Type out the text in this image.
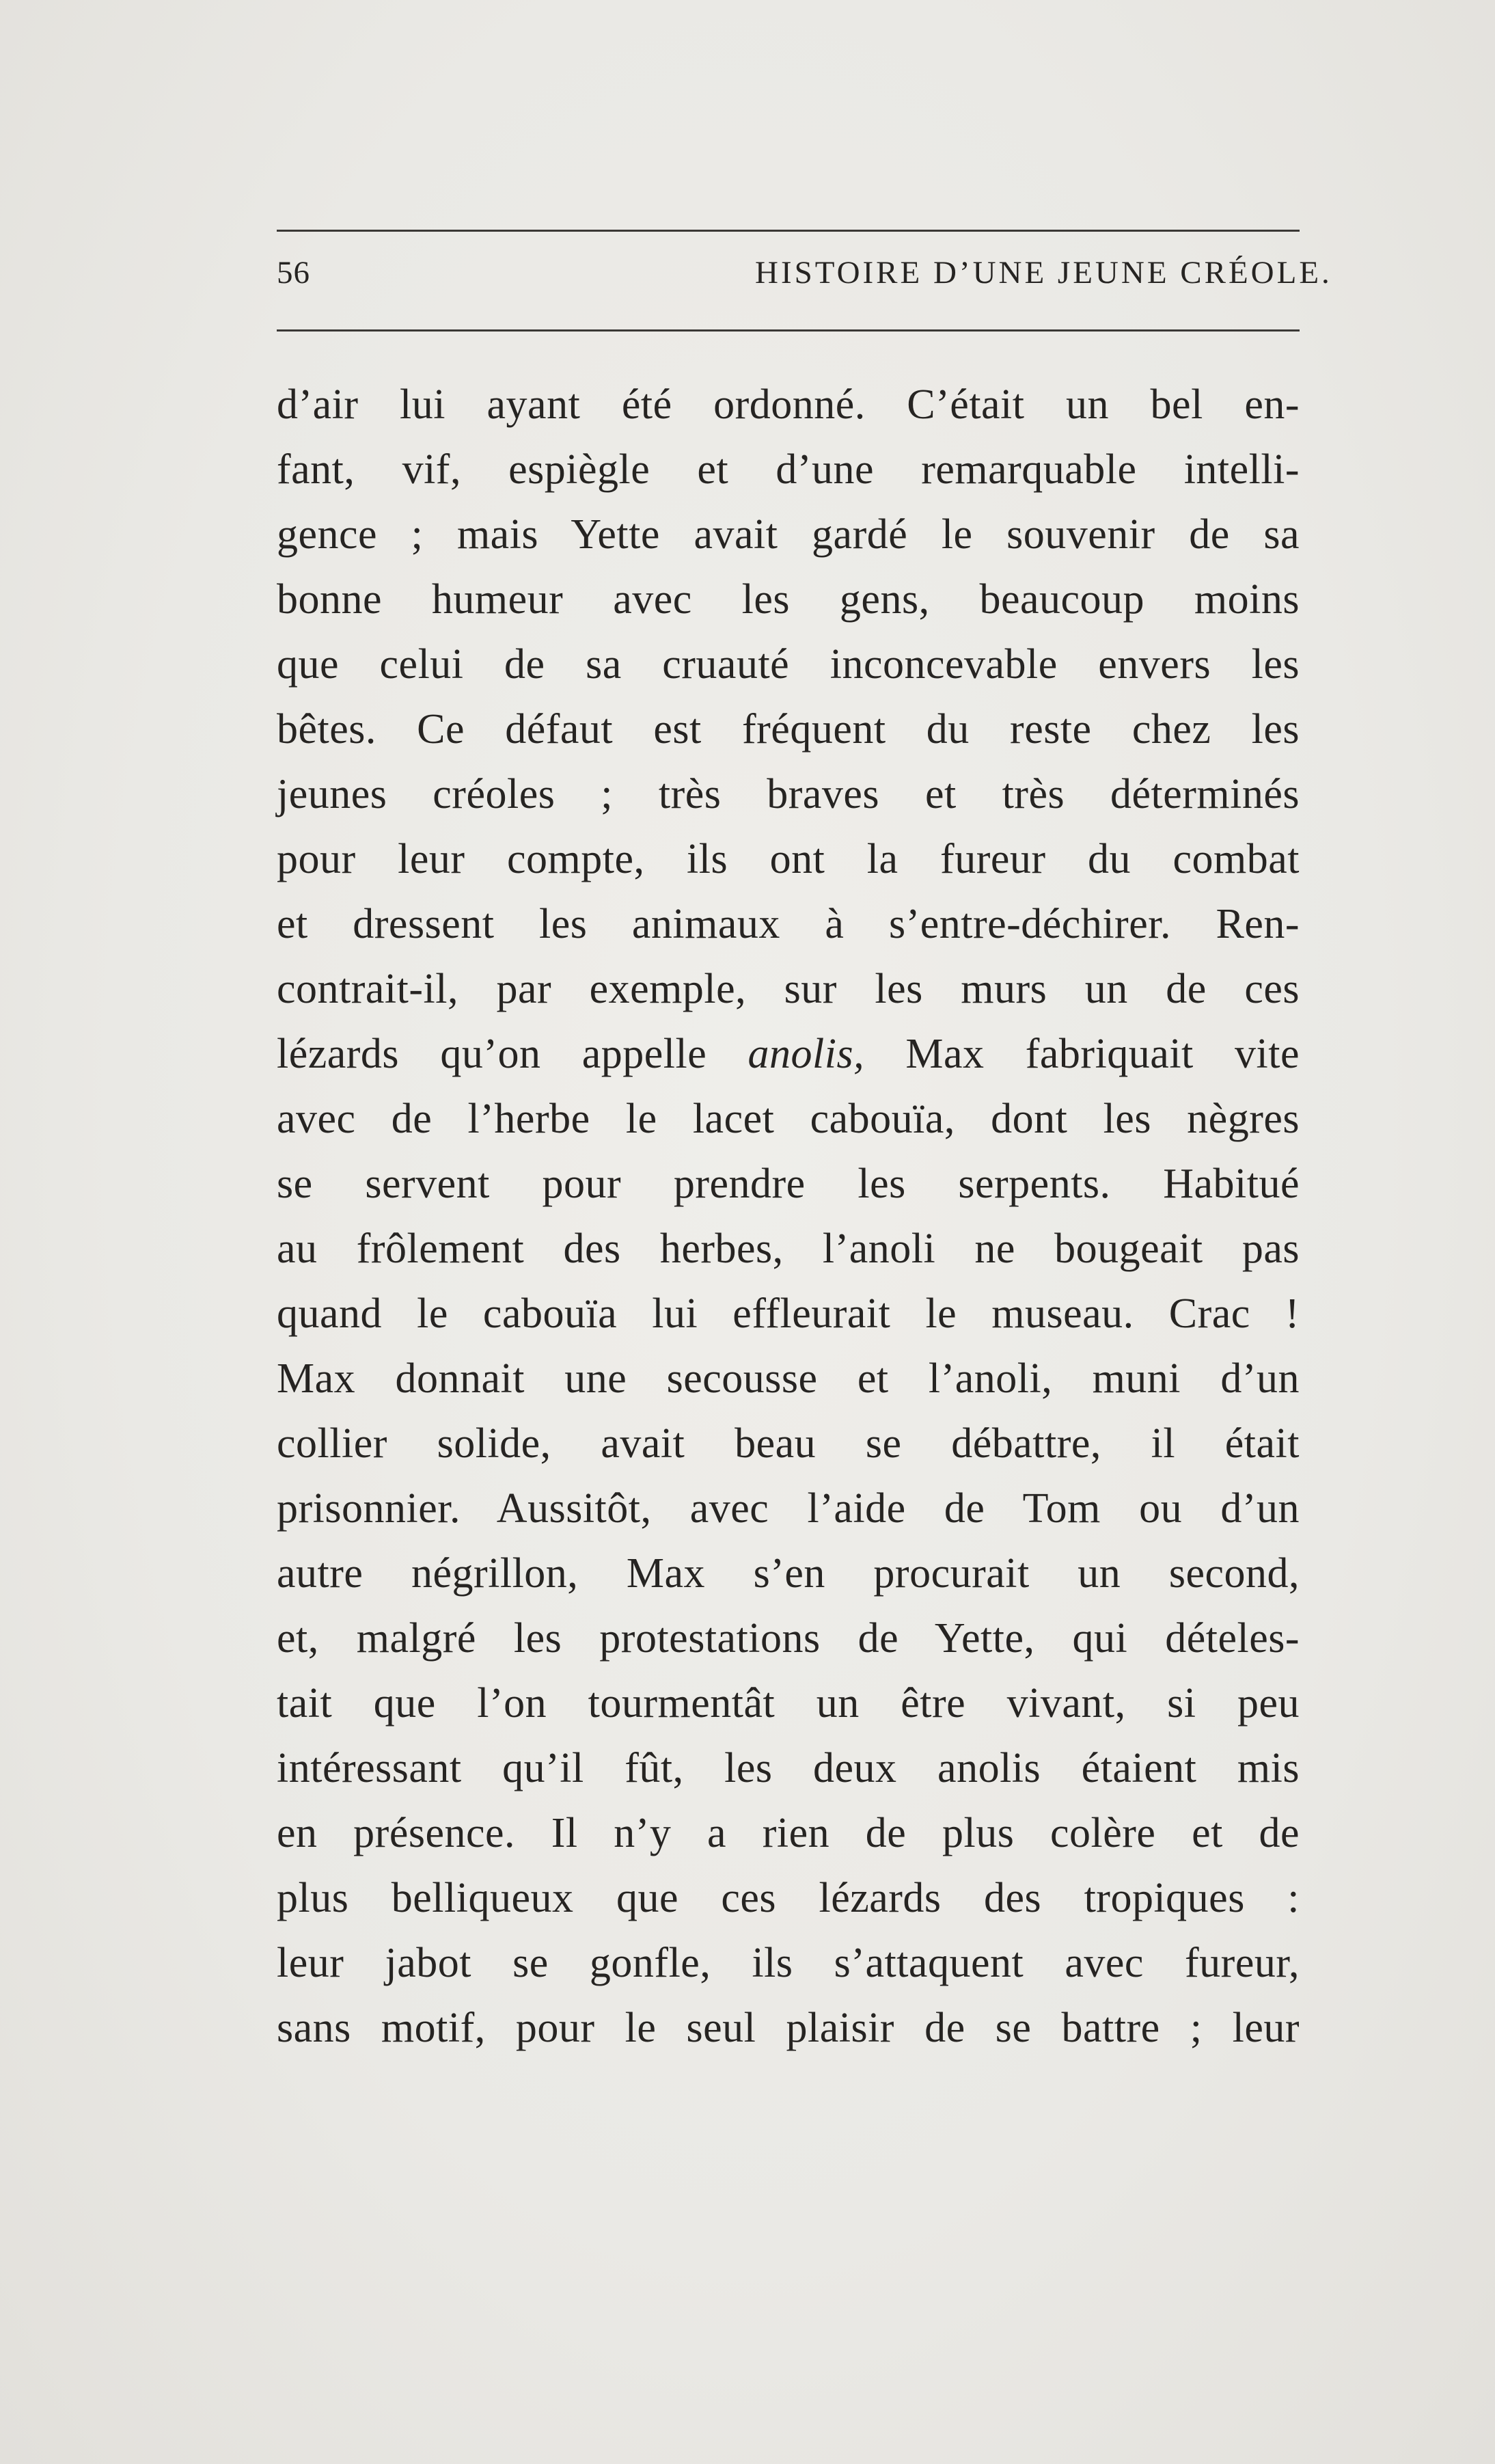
56	HISTOIRE D’UNE JEUNE CRÉOLE.
d’air lui ayant été ordonné. C’était un bel en-
fant, vif, espiègle et d’une remarquable intelli-
gence ; mais Yette avait gardé le souvenir de sa
bonne humeur avec les gens, beaucoup moins
que celui de sa cruauté inconcevable envers les
bêtes. Ce défaut est fréquent du reste chez les
jeunes créoles ; très braves et très déterminés
pour leur compte, ils ont la fureur du combat
et dressent les animaux à s’entre-déchirer. Ren-
contrait-il, par exemple, sur les murs un de ces
lézards qu’on appelle anolis, Max fabriquait vite
avec de l’herbe le lacet cabouïa, dont les nègres
se servent pour prendre les serpents. Habitué
au frôlement des herbes, l’anoli ne bougeait pas
quand le cabouïa lui effleurait le museau. Crac !
Max donnait une secousse et l’anoli, muni d’un
collier solide, avait beau se débattre, il était
prisonnier. Aussitôt, avec l’aide de Tom ou d’un
autre négrillon, Max s’en procurait un second,
et, malgré les protestations de Yette, qui dételes-
tait que l’on tourmentât un être vivant, si peu
intéressant qu’il fût, les deux anolis étaient mis
en présence. Il n’y a rien de plus colère et de
plus belliqueux que ces lézards des tropiques :
leur jabot se gonfle, ils s’attaquent avec fureur,
sans motif, pour le seul plaisir de se battre ; leur
